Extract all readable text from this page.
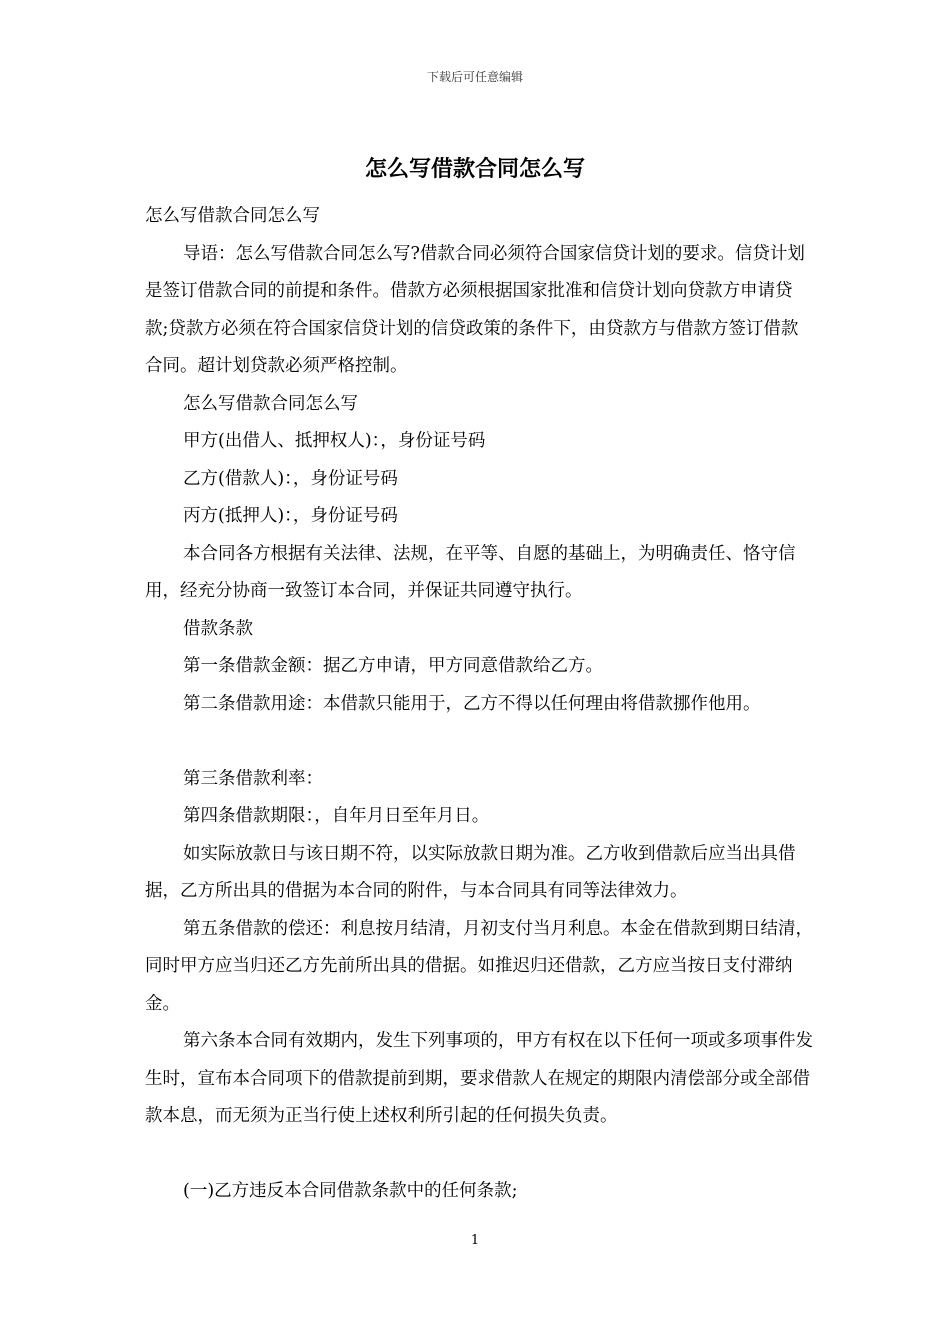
下载后可任意编辑
怎么写借款合同怎么写

怎么写借款合同怎么写

导语：怎么写借款合同怎么写?借款合同必须符合国家信贷计划的要求。信贷计划是签订借款合同的前提和条件。借款方必须根据国家批准和信贷计划向贷款方申请贷款;贷款方必须在符合国家信贷计划的信贷政策的条件下，由贷款方与借款方签订借款合同。超计划贷款必须严格控制。

怎么写借款合同怎么写

甲方(出借人、抵押权人)：，身份证号码

乙方(借款人)：，身份证号码

丙方(抵押人)：，身份证号码

本合同各方根据有关法律、法规，在平等、自愿的基础上，为明确责任、恪守信用，经充分协商一致签订本合同，并保证共同遵守执行。

借款条款

第一条借款金额：据乙方申请，甲方同意借款给乙方。

第二条借款用途：本借款只能用于，乙方不得以任何理由将借款挪作他用。

第三条借款利率：

第四条借款期限：，自年月日至年月日。

如实际放款日与该日期不符，以实际放款日期为准。乙方收到借款后应当出具借据，乙方所出具的借据为本合同的附件，与本合同具有同等法律效力。

第五条借款的偿还：利息按月结清，月初支付当月利息。本金在借款到期日结清，同时甲方应当归还乙方先前所出具的借据。如推迟归还借款，乙方应当按日支付滞纳金。

第六条本合同有效期内，发生下列事项的，甲方有权在以下任何一项或多项事件发生时，宣布本合同项下的借款提前到期，要求借款人在规定的期限内清偿部分或全部借款本息，而无须为正当行使上述权利所引起的任何损失负责。

(一)乙方违反本合同借款条款中的任何条款;

1
